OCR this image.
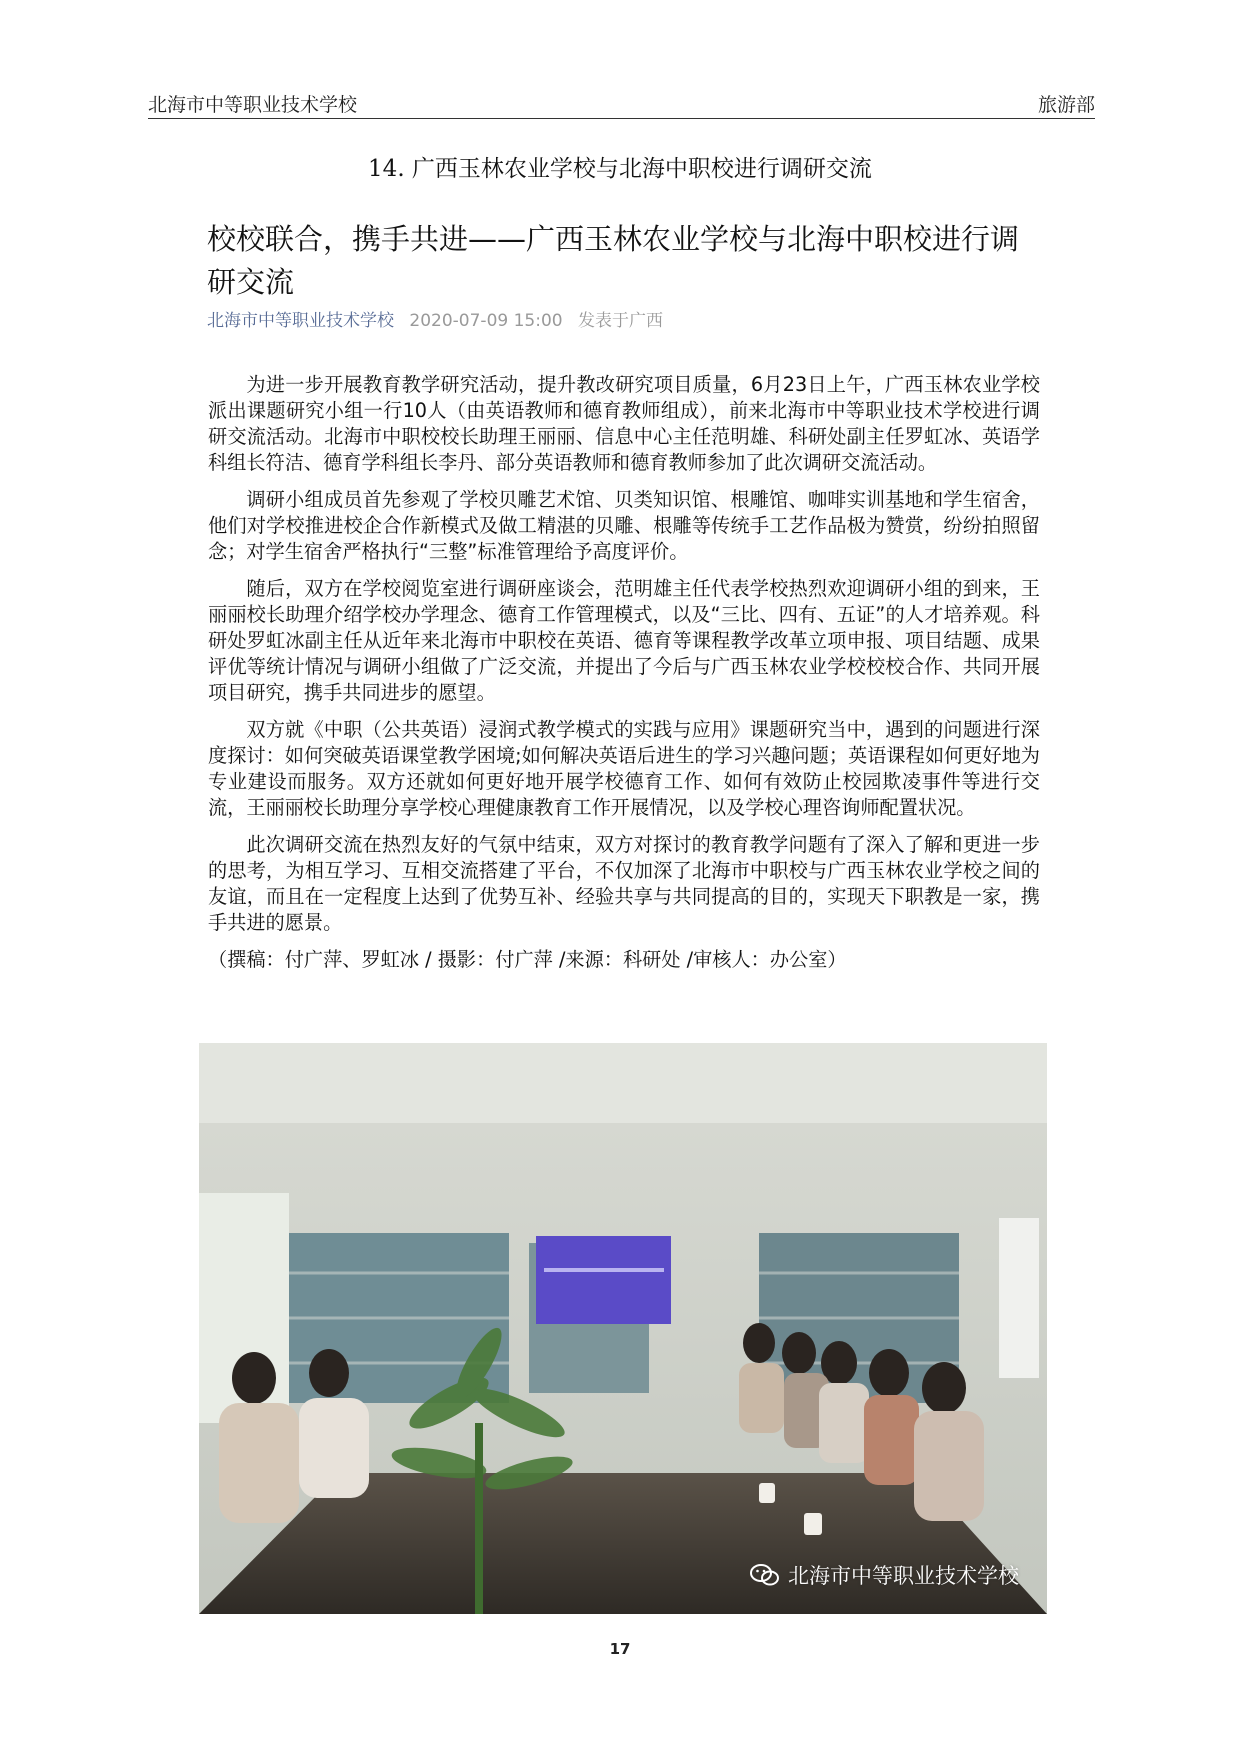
北海市中等职业技术学校	旅游部
14. 广西玉林农业学校与北海中职校进行调研交流
校校联合，携手共进——广西玉林农业学校与北海中职校进行调研交流
北海市中等职业技术学校 2020-07-09 15:00 发表于广西

为进一步开展教育教学研究活动，提升教改研究项目质量，6月23日上午，广西玉林农业学校派出课题研究小组一行10人（由英语教师和德育教师组成），前来北海市中等职业技术学校进行调研交流活动。北海市中职校校长助理王丽丽、信息中心主任范明雄、科研处副主任罗虹冰、英语学科组长符洁、德育学科组长李丹、部分英语教师和德育教师参加了此次调研交流活动。

调研小组成员首先参观了学校贝雕艺术馆、贝类知识馆、根雕馆、咖啡实训基地和学生宿舍，他们对学校推进校企合作新模式及做工精湛的贝雕、根雕等传统手工艺作品极为赞赏，纷纷拍照留念；对学生宿舍严格执行“三整”标准管理给予高度评价。

随后，双方在学校阅览室进行调研座谈会，范明雄主任代表学校热烈欢迎调研小组的到来，王丽丽校长助理介绍学校办学理念、德育工作管理模式，以及“三比、四有、五证”的人才培养观。科研处罗虹冰副主任从近年来北海市中职校在英语、德育等课程教学改革立项申报、项目结题、成果评优等统计情况与调研小组做了广泛交流，并提出了今后与广西玉林农业学校校校合作、共同开展项目研究，携手共同进步的愿望。

双方就《中职（公共英语）浸润式教学模式的实践与应用》课题研究当中，遇到的问题进行深度探讨：如何突破英语课堂教学困境;如何解决英语后进生的学习兴趣问题；英语课程如何更好地为专业建设而服务。双方还就如何更好地开展学校德育工作、如何有效防止校园欺凌事件等进行交流，王丽丽校长助理分享学校心理健康教育工作开展情况，以及学校心理咨询师配置状况。

此次调研交流在热烈友好的气氛中结束，双方对探讨的教育教学问题有了深入了解和更进一步的思考，为相互学习、互相交流搭建了平台，不仅加深了北海市中职校与广西玉林农业学校之间的友谊，而且在一定程度上达到了优势互补、经验共享与共同提高的目的，实现天下职教是一家，携手共进的愿景。

（撰稿：付广萍、罗虹冰 / 摄影：付广萍 /来源：科研处 /审核人：办公室）

北海市中等职业技术学校
17
